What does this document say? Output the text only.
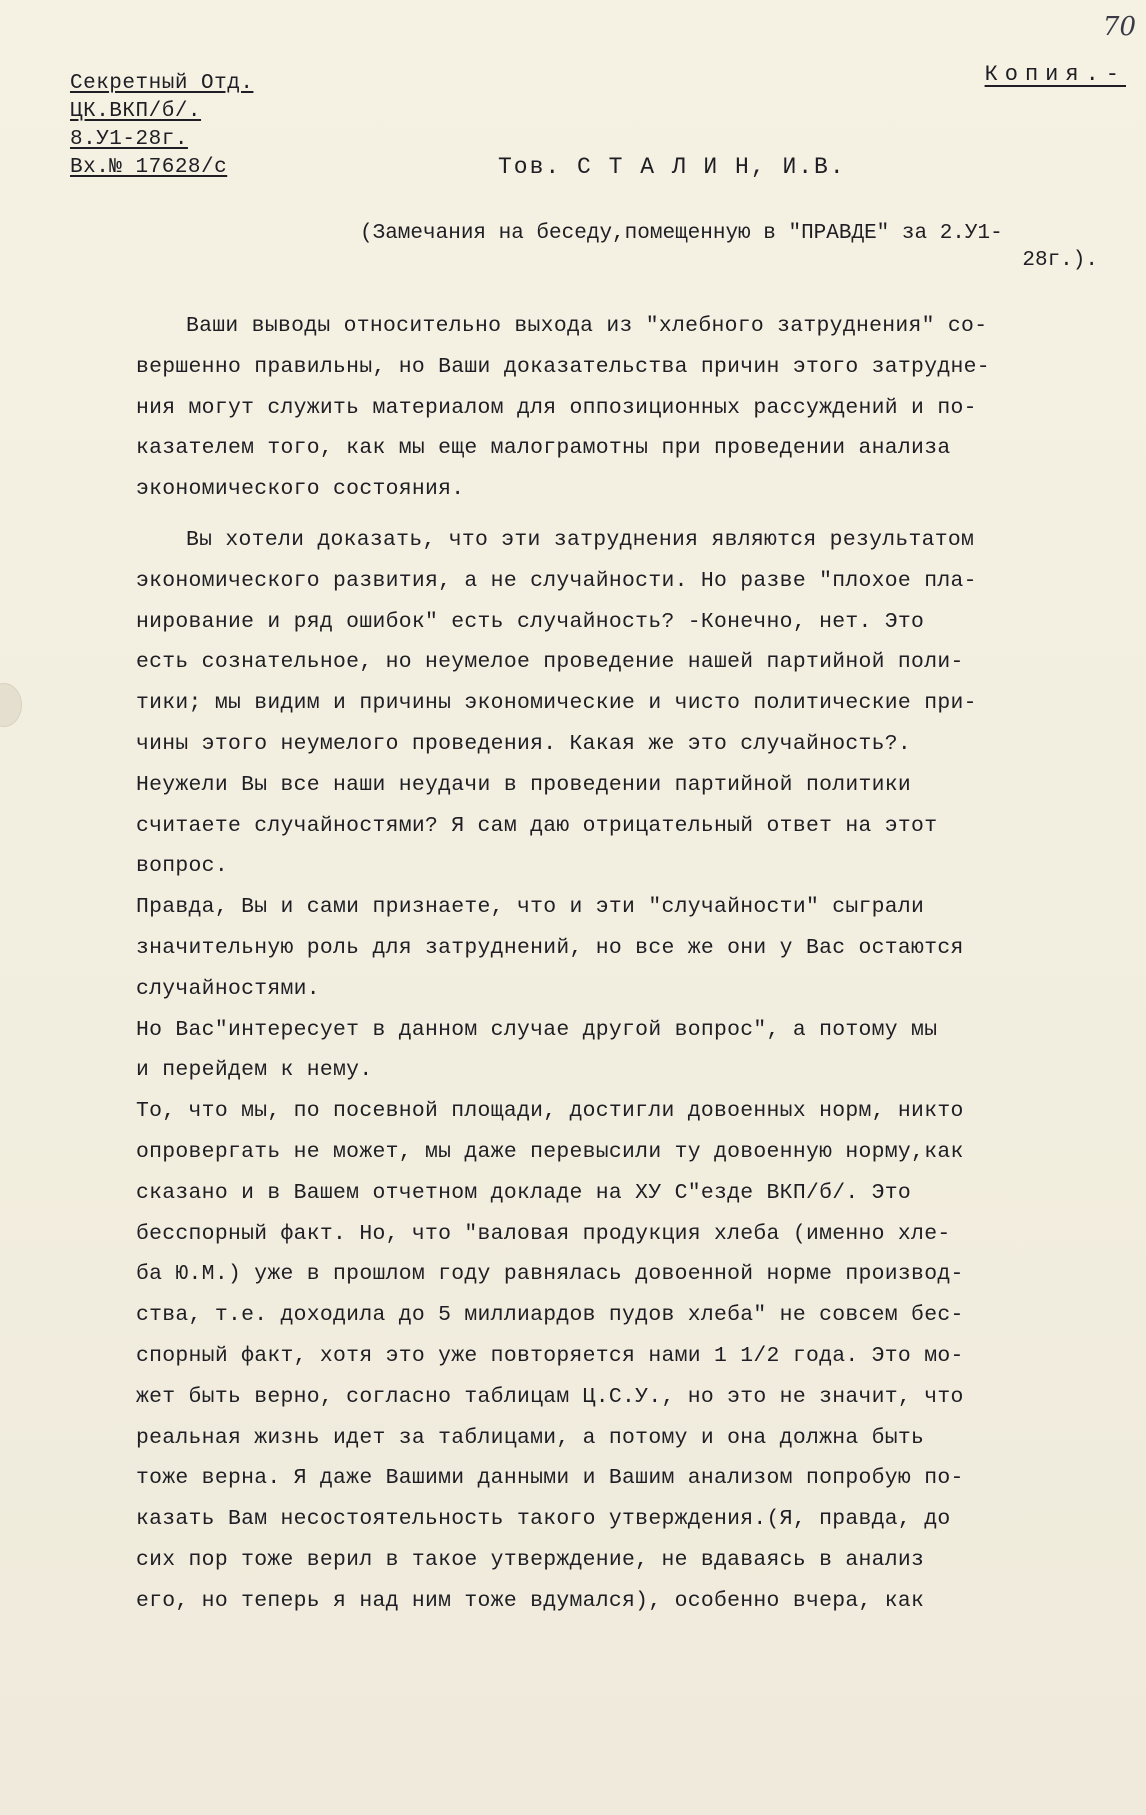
70
Секретный Отд.
ЦК.ВКП/б/.
8.У1-28г.
Вх.№ 17628/с
Копия.-
Тов. С Т А Л И Н, И.В.
(Замечания на беседу,помещенную в "ПРАВДЕ" за 2.У1-
28г.).
Ваши выводы относительно выхода из "хлебного затруднения" со-
вершенно правильны, но Ваши доказательства причин этого затрудне-
ния могут служить материалом для оппозиционных рассуждений и по-
казателем того, как мы еще малограмотны при проведении анализа
экономического состояния.
Вы хотели доказать, что эти затруднения являются результатом
экономического развития, а не случайности. Но разве "плохое пла-
нирование и ряд ошибок" есть случайность? -Конечно, нет. Это
есть сознательное, но неумелое проведение нашей партийной поли-
тики; мы видим и причины экономические и чисто политические при-
чины этого неумелого проведения. Какая же это случайность?.
Неужели Вы все наши неудачи в проведении партийной политики
считаете случайностями? Я сам даю отрицательный ответ на этот
вопрос.
Правда, Вы и сами признаете, что и эти "случайности" сыграли
значительную роль для затруднений, но все же они у Вас остаются
случайностями.
Но Вас"интересует в данном случае другой вопрос", а потому мы
и перейдем к нему.
То, что мы, по посевной площади, достигли довоенных норм, никто
опровергать не может, мы даже перевысили ту довоенную норму,как
сказано и в Вашем отчетном докладе на ХУ С"езде ВКП/б/. Это
бесспорный факт. Но, что "валовая продукция хлеба (именно хле-
ба Ю.М.) уже в прошлом году равнялась довоенной норме производ-
ства, т.е. доходила до 5 миллиардов пудов хлеба" не совсем бес-
спорный факт, хотя это уже повторяется нами 1 1/2 года. Это мо-
жет быть верно, согласно таблицам Ц.С.У., но это не значит, что
реальная жизнь идет за таблицами, а потому и она должна быть
тоже верна. Я даже Вашими данными и Вашим анализом попробую по-
казать Вам несостоятельность такого утверждения.(Я, правда, до
сих пор тоже верил в такое утверждение, не вдаваясь в анализ
его, но теперь я над ним тоже вдумался), особенно вчера, как
